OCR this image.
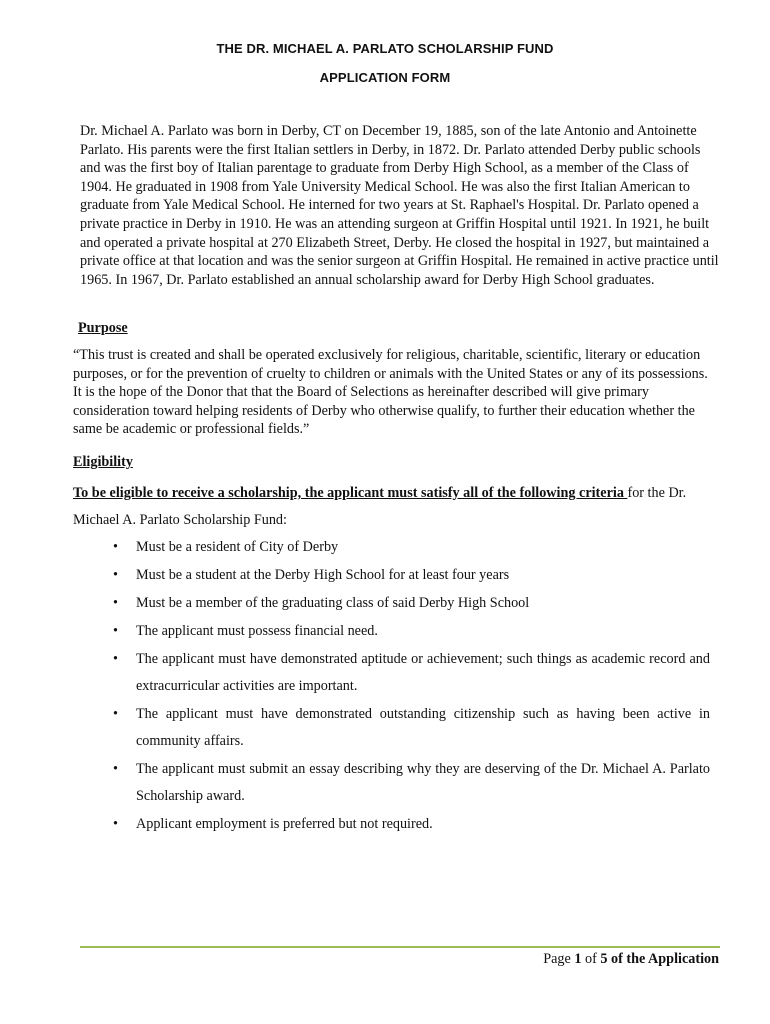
THE DR. MICHAEL A. PARLATO SCHOLARSHIP FUND
APPLICATION FORM

Dr. Michael A. Parlato was born in Derby, CT on December 19, 1885, son of the late Antonio and Antoinette Parlato. His parents were the first Italian settlers in Derby, in 1872. Dr. Parlato attended Derby public schools and was the first boy of Italian parentage to graduate from Derby High School, as a member of the Class of 1904. He graduated in 1908 from Yale University Medical School. He was also the first Italian American to graduate from Yale Medical School. He interned for two years at St. Raphael's Hospital. Dr. Parlato opened a private practice in Derby in 1910. He was an attending surgeon at Griffin Hospital until 1921. In 1921, he built and operated a private hospital at 270 Elizabeth Street, Derby. He closed the hospital in 1927, but maintained a private office at that location and was the senior surgeon at Griffin Hospital. He remained in active practice until 1965. In 1967, Dr. Parlato established an annual scholarship award for Derby High School graduates.

Purpose

“This trust is created and shall be operated exclusively for religious, charitable, scientific, literary or education purposes, or for the prevention of cruelty to children or animals with the United States or any of its possessions. It is the hope of the Donor that that the Board of Selections as hereinafter described will give primary consideration toward helping residents of Derby who otherwise qualify, to further their education whether the same be academic or professional fields.”

Eligibility

To be eligible to receive a scholarship, the applicant must satisfy all of the following criteria for the Dr. Michael A. Parlato Scholarship Fund:

• Must be a resident of City of Derby
• Must be a student at the Derby High School for at least four years
• Must be a member of the graduating class of said Derby High School
• The applicant must possess financial need.
• The applicant must have demonstrated aptitude or achievement; such things as academic record and extracurricular activities are important.
• The applicant must have demonstrated outstanding citizenship such as having been active in community affairs.
• The applicant must submit an essay describing why they are deserving of the Dr. Michael A. Parlato Scholarship award.
• Applicant employment is preferred but not required.

Page 1 of 5 of the Application
